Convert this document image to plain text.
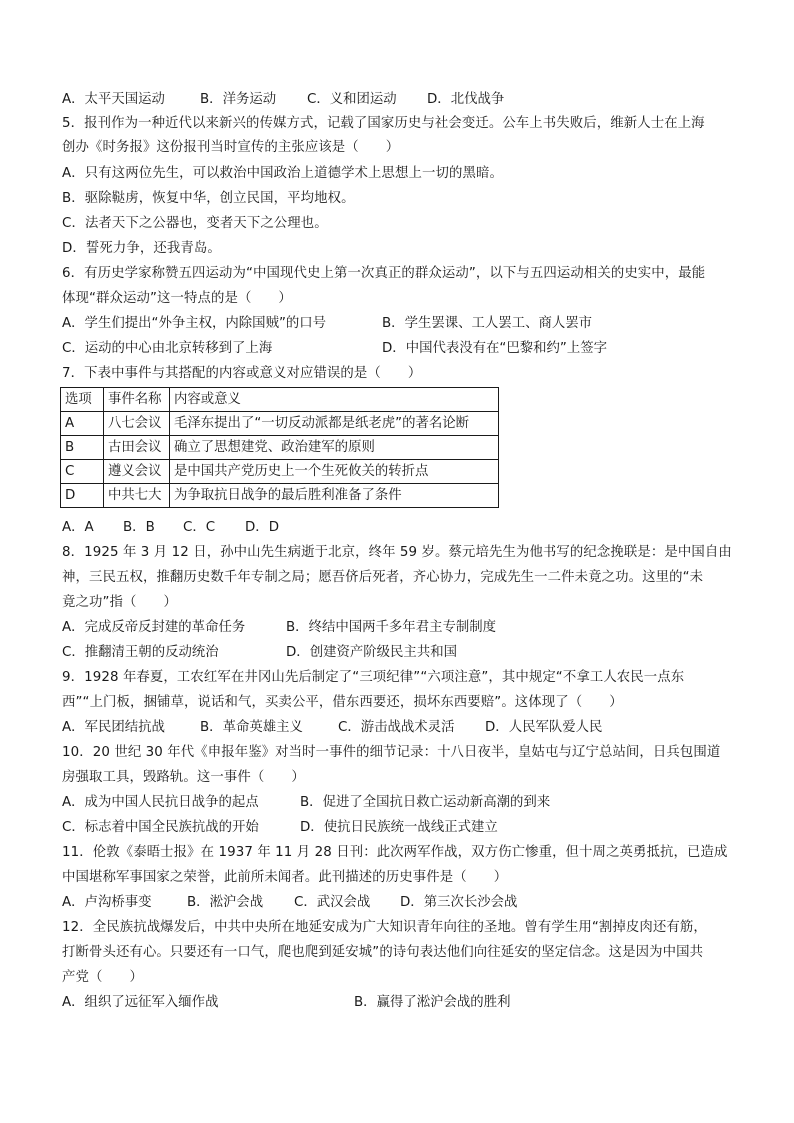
A．太平天国运动	B．洋务运动 C．义和团运动 D．北伐战争
5．报刊作为一种近代以来新兴的传媒方式，记载了国家历史与社会变迁。公车上书失败后，维新人士在上海
创办《时务报》这份报刊当时宣传的主张应该是（　　）
A．只有这两位先生，可以救治中国政治上道德学术上思想上一切的黑暗。
B．驱除鞑虏，恢复中华，创立民国，平均地权。
C．法者天下之公器也，变者天下之公理也。
D．誓死力争，还我青岛。
6．有历史学家称赞五四运动为“中国现代史上第一次真正的群众运动”，以下与五四运动相关的史实中，最能
体现“群众运动”这一特点的是（　　）
A．学生们提出“外争主权，内除国贼”的口号	B．学生罢课、工人罢工、商人罢市
C．运动的中心由北京转移到了上海	D．中国代表没有在“巴黎和约”上签字
7．下表中事件与其搭配的内容或意义对应错误的是（　　）
选项	事件名称	内容或意义
A	八七会议	毛泽东提出了“一切反动派都是纸老虎”的著名论断
B	古田会议	确立了思想建党、政治建军的原则
C	遵义会议	是中国共产党历史上一个生死攸关的转折点
D	中共七大	为争取抗日战争的最后胜利准备了条件
A．A B．B C．C D．D
8．1925 年 3 月 12 日，孙中山先生病逝于北京，终年 59 岁。蔡元培先生为他书写的纪念挽联是：是中国自由
神，三民五权，推翻历史数千年专制之局；愿吾侪后死者，齐心协力，完成先生一二件未竟之功。这里的“未
竟之功”指（　　）
A．完成反帝反封建的革命任务	B．终结中国两千多年君主专制制度
C．推翻清王朝的反动统治	D．创建资产阶级民主共和国
9．1928 年春夏，工农红军在井冈山先后制定了“三项纪律”“六项注意”，其中规定“不拿工人农民一点东
西”“上门板，捆铺草，说话和气，买卖公平，借东西要还，损坏东西要赔”。这体现了（　　）
A．军民团结抗战	B．革命英雄主义	C．游击战战术灵活 D．人民军队爱人民
10．20 世纪 30 年代《申报年鉴》对当时一事件的细节记录：十八日夜半，皇姑屯与辽宁总站间，日兵包围道
房强取工具，毁路轨。这一事件（　　）
A．成为中国人民抗日战争的起点	B．促进了全国抗日救亡运动新高潮的到来
C．标志着中国全民族抗战的开始	D．使抗日民族统一战线正式建立
11．伦敦《泰晤士报》在 1937 年 11 月 28 日刊：此次两军作战，双方伤亡惨重，但十周之英勇抵抗，已造成
中国堪称军事国家之荣誉，此前所未闻者。此刊描述的历史事件是（　　）
A．卢沟桥事变	B．淞沪会战 C．武汉会战 D．第三次长沙会战
12．全民族抗战爆发后，中共中央所在地延安成为广大知识青年向往的圣地。曾有学生用“割掉皮肉还有筋，
打断骨头还有心。只要还有一口气，爬也爬到延安城”的诗句表达他们向往延安的坚定信念。这是因为中国共
产党（　　）
A．组织了远征军入缅作战	B．赢得了淞沪会战的胜利
